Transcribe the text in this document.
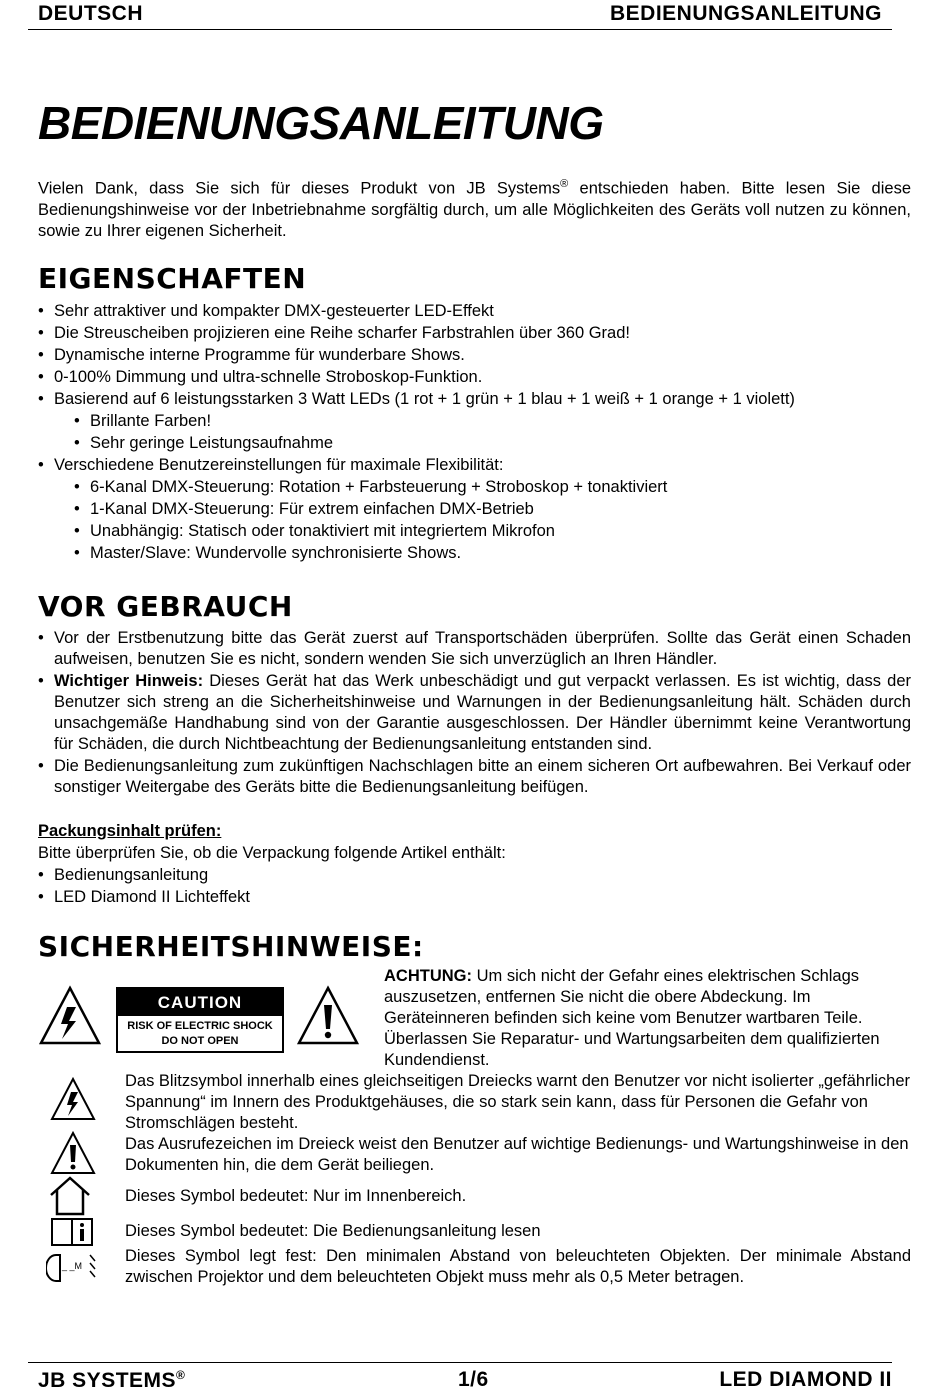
DEUTSCH	BEDIENUNGSANLEITUNG
BEDIENUNGSANLEITUNG
Vielen Dank, dass Sie sich für dieses Produkt von JB Systems® entschieden haben. Bitte lesen Sie diese Bedienungshinweise vor der Inbetriebnahme sorgfältig durch, um alle Möglichkeiten des Geräts voll nutzen zu können, sowie zu Ihrer eigenen Sicherheit.
EIGENSCHAFTEN
• Sehr attraktiver und kompakter DMX-gesteuerter LED-Effekt
• Die Streuscheiben projizieren eine Reihe scharfer Farbstrahlen über 360 Grad!
• Dynamische interne Programme für wunderbare Shows.
• 0-100% Dimmung und ultra-schnelle Stroboskop-Funktion.
• Basierend auf 6 leistungsstarken 3 Watt LEDs (1 rot + 1 grün + 1 blau + 1 weiß + 1 orange + 1 violett)
• Brillante Farben!
• Sehr geringe Leistungsaufnahme
• Verschiedene Benutzereinstellungen für maximale Flexibilität:
• 6-Kanal DMX-Steuerung: Rotation + Farbsteuerung + Stroboskop + tonaktiviert
• 1-Kanal DMX-Steuerung: Für extrem einfachen DMX-Betrieb
• Unabhängig: Statisch oder tonaktiviert mit integriertem Mikrofon
• Master/Slave: Wundervolle synchronisierte Shows.
VOR GEBRAUCH
• Vor der Erstbenutzung bitte das Gerät zuerst auf Transportschäden überprüfen. Sollte das Gerät einen Schaden aufweisen, benutzen Sie es nicht, sondern wenden Sie sich unverzüglich an Ihren Händler.
• Wichtiger Hinweis: Dieses Gerät hat das Werk unbeschädigt und gut verpackt verlassen. Es ist wichtig, dass der Benutzer sich streng an die Sicherheitshinweise und Warnungen in der Bedienungsanleitung hält. Schäden durch unsachgemäße Handhabung sind von der Garantie ausgeschlossen. Der Händler übernimmt keine Verantwortung für Schäden, die durch Nichtbeachtung der Bedienungsanleitung entstanden sind.
• Die Bedienungsanleitung zum zukünftigen Nachschlagen bitte an einem sicheren Ort aufbewahren. Bei Verkauf oder sonstiger Weitergabe des Geräts bitte die Bedienungsanleitung beifügen.
Packungsinhalt prüfen:
Bitte überprüfen Sie, ob die Verpackung folgende Artikel enthält:
• Bedienungsanleitung
• LED Diamond II Lichteffekt
SICHERHEITSHINWEISE:
CAUTION
RISK OF ELECTRIC SHOCK
DO NOT OPEN
ACHTUNG: Um sich nicht der Gefahr eines elektrischen Schlags auszusetzen, entfernen Sie nicht die obere Abdeckung. Im Geräteinneren befinden sich keine vom Benutzer wartbaren Teile. Überlassen Sie Reparatur- und Wartungsarbeiten dem qualifizierten Kundendienst.
Das Blitzsymbol innerhalb eines gleichseitigen Dreiecks warnt den Benutzer vor nicht isolierter „gefährlicher Spannung“ im Innern des Produktgehäuses, die so stark sein kann, dass für Personen die Gefahr von Stromschlägen besteht.
Das Ausrufezeichen im Dreieck weist den Benutzer auf wichtige Bedienungs- und Wartungshinweise in den Dokumenten hin, die dem Gerät beiliegen.
Dieses Symbol bedeutet: Nur im Innenbereich.
Dieses Symbol bedeutet: Die Bedienungsanleitung lesen
_ _M
Dieses Symbol legt fest: Den minimalen Abstand von beleuchteten Objekten. Der minimale Abstand zwischen Projektor und dem beleuchteten Objekt muss mehr als 0,5 Meter betragen.
JB SYSTEMS®	1/6	LED DIAMOND II
